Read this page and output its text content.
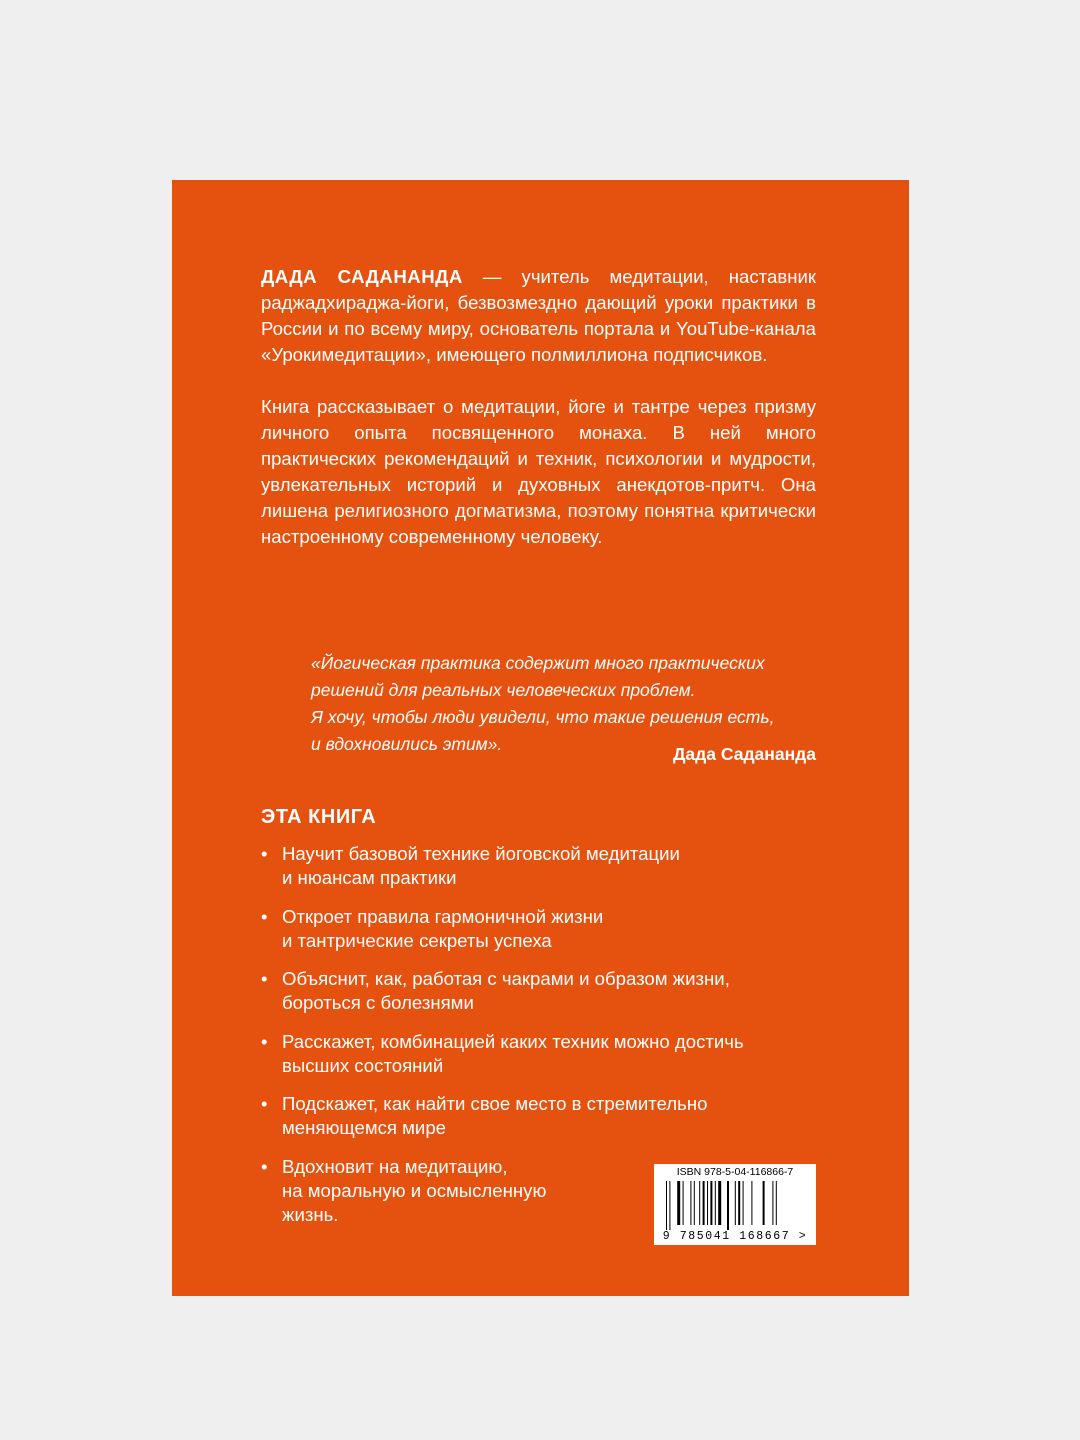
ДАДА САДАНАНДА — учитель медитации, наставник раджадхираджа-йоги, безвозмездно дающий уроки практики в России и по всему миру, основатель портала и YouTube-канала «Урокимедитации», имеющего полмиллиона подписчиков.

Книга рассказывает о медитации, йоге и тантре через призму личного опыта посвященного монаха. В ней много практических рекомендаций и техник, психологии и мудрости, увлекательных историй и духовных анекдотов-притч. Она лишена религиозного догматизма, поэтому понятна критически настроенному современному человеку.

«Йогическая практика содержит много практических
решений для реальных человеческих проблем.
Я хочу, чтобы люди увидели, что такие решения есть,
и вдохновились этим».	Дада Садананда
ЭТА КНИГА
• Научит базовой технике йоговской медитации
и нюансам практики
• Откроет правила гармоничной жизни
и тантрические секреты успеха
• Объяснит, как, работая с чакрами и образом жизни,
бороться с болезнями
• Расскажет, комбинацией каких техник можно достичь
высших состояний
• Подскажет, как найти свое место в стремительно
меняющемся мире
• Вдохновит на медитацию,
на моральную и осмысленную
жизнь.
ISBN 978-5-04-116866-7
9 785041 168667 >
